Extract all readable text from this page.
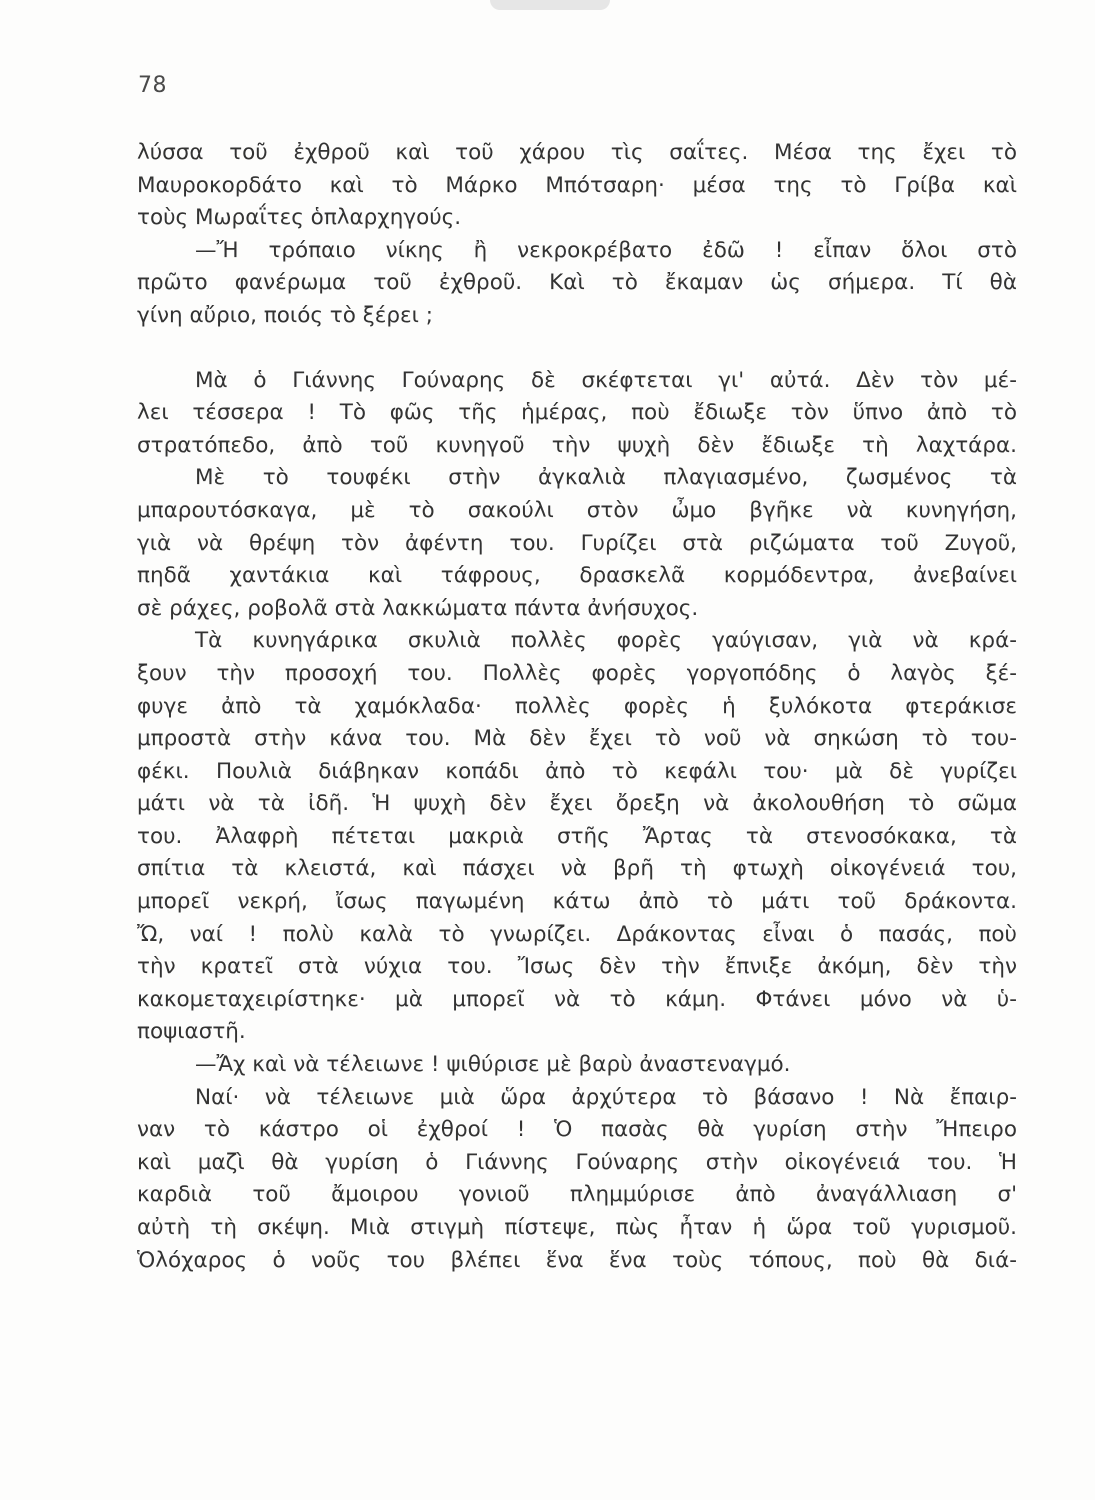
78
λύσσα τοῦ ἐχθροῦ καὶ τοῦ χάρου τὶς σαΐτες. Μέσα της ἔχει τὸ
Μαυροκορδάτο καὶ τὸ Μάρκο Μπότσαρη· μέσα της τὸ Γρίβα καὶ
τοὺς Μωραΐτες ὁπλαρχηγούς.
—Ἤ τρόπαιο νίκης ἢ νεκροκρέβατο ἐδῶ ! εἶπαν ὅλοι στὸ
πρῶτο φανέρωμα τοῦ ἐχθροῦ. Καὶ τὸ ἔκαμαν ὡς σήμερα. Τί θὰ
γίνη αὔριο, ποιός τὸ ξέρει ;
Μὰ ὁ Γιάννης Γούναρης δὲ σκέφτεται γι' αὐτά. Δὲν τὸν μέ-
λει τέσσερα ! Τὸ φῶς τῆς ἡμέρας, ποὺ ἔδιωξε τὸν ὕπνο ἀπὸ τὸ
στρατόπεδο, ἀπὸ τοῦ κυνηγοῦ τὴν ψυχὴ δὲν ἔδιωξε τὴ λαχτάρα.
Μὲ τὸ τουφέκι στὴν ἀγκαλιὰ πλαγιασμένο, ζωσμένος τὰ
μπαρουτόσκαγα, μὲ τὸ σακούλι στὸν ὦμο βγῆκε νὰ κυνηγήση,
γιὰ νὰ θρέψη τὸν ἀφέντη του. Γυρίζει στὰ ριζώματα τοῦ Ζυγοῦ,
πηδᾶ χαντάκια καὶ τάφρους, δρασκελᾶ κορμόδεντρα, ἀνεβαίνει
σὲ ράχες, ροβολᾶ στὰ λακκώματα πάντα ἀνήσυχος.
Τὰ κυνηγάρικα σκυλιὰ πολλὲς φορὲς γαύγισαν, γιὰ νὰ κρά-
ξουν τὴν προσοχή του. Πολλὲς φορὲς γοργοπόδης ὁ λαγὸς ξέ-
φυγε ἀπὸ τὰ χαμόκλαδα· πολλὲς φορὲς ἡ ξυλόκοτα φτεράκισε
μπροστὰ στὴν κάνα του. Μὰ δὲν ἔχει τὸ νοῦ νὰ σηκώση τὸ του-
φέκι. Πουλιὰ διάβηκαν κοπάδι ἀπὸ τὸ κεφάλι του· μὰ δὲ γυρίζει
μάτι νὰ τὰ ἰδῆ. Ἡ ψυχὴ δὲν ἔχει ὄρεξη νὰ ἀκολουθήση τὸ σῶμα
του. Ἀλαφρὴ πέτεται μακριὰ στῆς Ἄρτας τὰ στενοσόκακα, τὰ
σπίτια τὰ κλειστά, καὶ πάσχει νὰ βρῆ τὴ φτωχὴ οἰκογένειά του,
μπορεῖ νεκρή, ἴσως παγωμένη κάτω ἀπὸ τὸ μάτι τοῦ δράκοντα.
Ὤ, ναί ! πολὺ καλὰ τὸ γνωρίζει. Δράκοντας εἶναι ὁ πασάς, ποὺ
τὴν κρατεῖ στὰ νύχια του. Ἴσως δὲν τὴν ἔπνιξε ἀκόμη, δὲν τὴν
κακομεταχειρίστηκε· μὰ μπορεῖ νὰ τὸ κάμη. Φτάνει μόνο νὰ ὑ-
ποψιαστῆ.
—Ἄχ καὶ νὰ τέλειωνε ! ψιθύρισε μὲ βαρὺ ἀναστεναγμό.
Ναί· νὰ τέλειωνε μιὰ ὥρα ἀρχύτερα τὸ βάσανο ! Νὰ ἔπαιρ-
ναν τὸ κάστρο οἱ ἐχθροί ! Ὁ πασὰς θὰ γυρίση στὴν Ἤπειρο
καὶ μαζὶ θὰ γυρίση ὁ Γιάννης Γούναρης στὴν οἰκογένειά του. Ἡ
καρδιὰ τοῦ ἄμοιρου γονιοῦ πλημμύρισε ἀπὸ ἀναγάλλιαση σ'
αὐτὴ τὴ σκέψη. Μιὰ στιγμὴ πίστεψε, πὼς ἦταν ἡ ὥρα τοῦ γυρισμοῦ.
Ὁλόχαρος ὁ νοῦς του βλέπει ἕνα ἕνα τοὺς τόπους, ποὺ θὰ διά-
